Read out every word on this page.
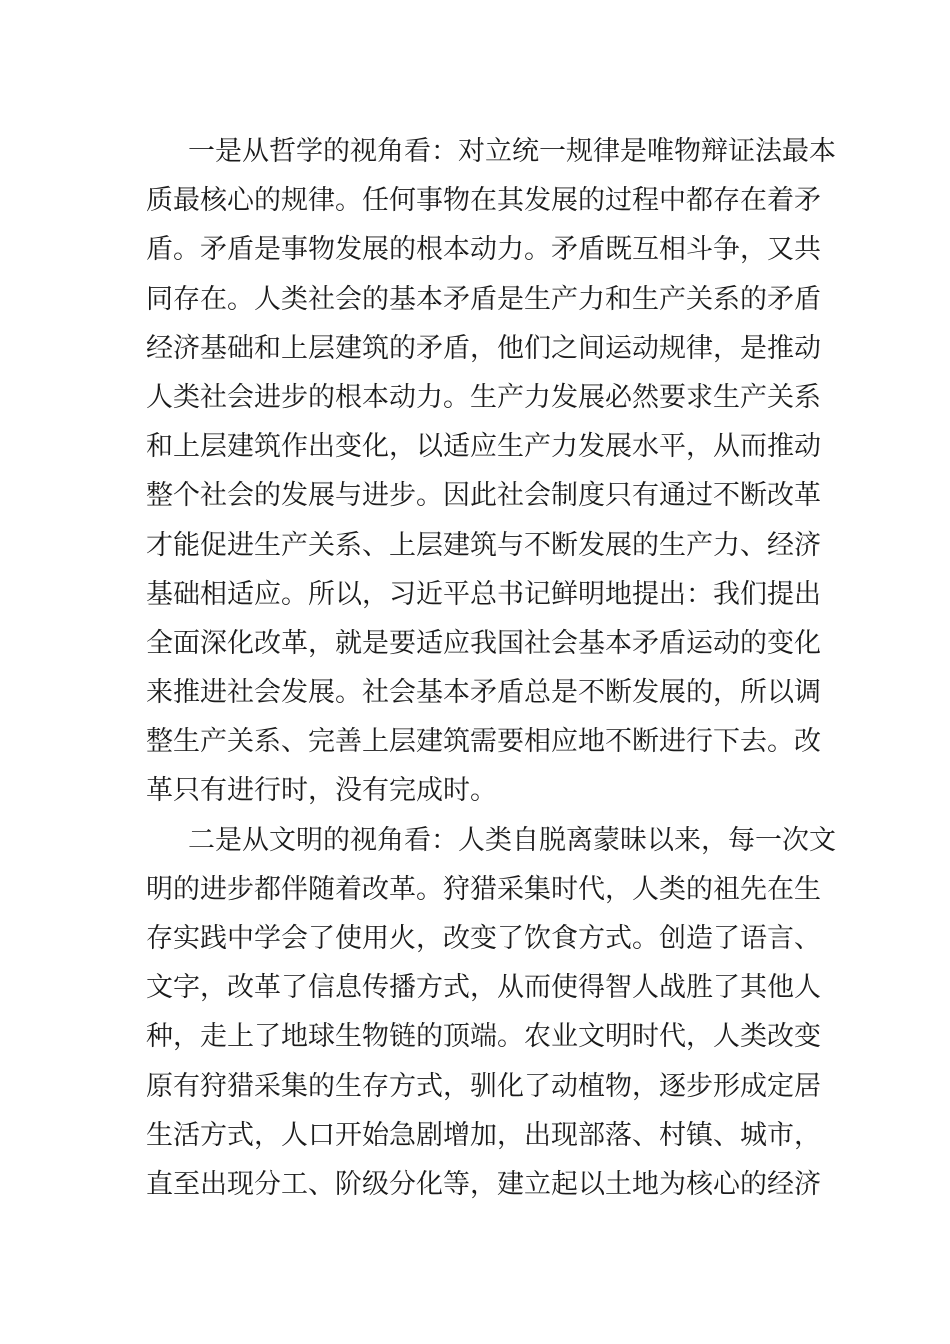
一是从哲学的视角看：对立统一规律是唯物辩证法最本
质最核心的规律。任何事物在其发展的过程中都存在着矛
盾。矛盾是事物发展的根本动力。矛盾既互相斗争，又共
同存在。人类社会的基本矛盾是生产力和生产关系的矛盾
经济基础和上层建筑的矛盾，他们之间运动规律，是推动
人类社会进步的根本动力。生产力发展必然要求生产关系
和上层建筑作出变化，以适应生产力发展水平，从而推动
整个社会的发展与进步。因此社会制度只有通过不断改革
才能促进生产关系、上层建筑与不断发展的生产力、经济
基础相适应。所以，习近平总书记鲜明地提出：我们提出
全面深化改革，就是要适应我国社会基本矛盾运动的变化
来推进社会发展。社会基本矛盾总是不断发展的，所以调
整生产关系、完善上层建筑需要相应地不断进行下去。改
革只有进行时，没有完成时。
二是从文明的视角看：人类自脱离蒙昧以来，每一次文
明的进步都伴随着改革。狩猎采集时代，人类的祖先在生
存实践中学会了使用火，改变了饮食方式。创造了语言、
文字，改革了信息传播方式，从而使得智人战胜了其他人
种，走上了地球生物链的顶端。农业文明时代，人类改变
原有狩猎采集的生存方式，驯化了动植物，逐步形成定居
生活方式，人口开始急剧增加，出现部落、村镇、城市，
直至出现分工、阶级分化等，建立起以土地为核心的经济
